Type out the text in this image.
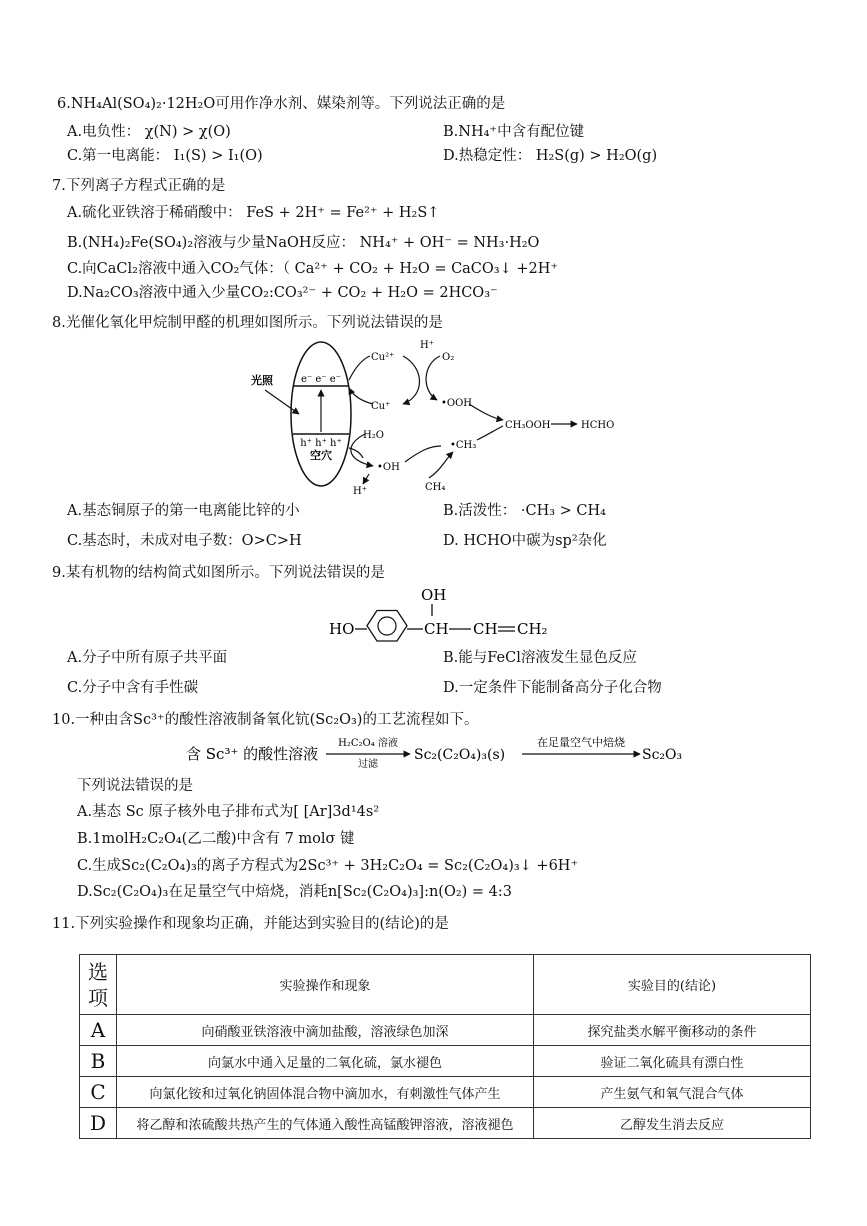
6.NH₄Al(SO₄)₂·12H₂O可用作净水剂、媒染剂等。下列说法正确的是
A.电负性： χ(N) > χ(O)	B.NH₄⁺中含有配位键
C.第一电离能： I₁(S) > I₁(O)	D.热稳定性： H₂S(g) > H₂O(g)
7.下列离子方程式正确的是
A.硫化亚铁溶于稀硝酸中： FeS + 2H⁺ = Fe²⁺ + H₂S↑
B.(NH₄)₂Fe(SO₄)₂溶液与少量NaOH反应： NH₄⁺ + OH⁻ = NH₃·H₂O
C.向CaCl₂溶液中通入CO₂气体：（ Ca²⁺ + CO₂ + H₂O = CaCO₃↓ +2H⁺
D.Na₂CO₃溶液中通入少量CO₂:CO₃²⁻ + CO₂ + H₂O = 2HCO₃⁻
8.光催化氧化甲烷制甲醛的机理如图所示。下列说法错误的是
e⁻ e⁻ e⁻
h⁺ h⁺ h⁺
空穴
光照
Cu²⁺
Cu⁺
H⁺
O₂
•OOH
CH₃OOH	HCHO
H₂O
•OH
H⁺
•CH₃
CH₄
A.基态铜原子的第一电离能比锌的小	B.活泼性： ·CH₃ > CH₄
C.基态时，未成对电子数：O>C>H	D. HCHO中碳为sp²杂化
9.某有机物的结构简式如图所示。下列说法错误的是
HO
OH
CH CH CH₂
A.分子中所有原子共平面	B.能与FeCl溶液发生显色反应
C.分子中含有手性碳	D.一定条件下能制备高分子化合物
10.一种由含Sc³⁺的酸性溶液制备氧化钪(Sc₂O₃)的工艺流程如下。
含 Sc³⁺ 的酸性溶液
H₂C₂O₄ 溶液
过滤
Sc₂(C₂O₄)₃(s)
在足量空气中焙烧
Sc₂O₃
下列说法错误的是
A.基态 Sc 原子核外电子排布式为[ [Ar]3d¹4s²
B.1molH₂C₂O₄(乙二酸)中含有 7 molσ 键
C.生成Sc₂(C₂O₄)₃的离子方程式为2Sc³⁺ + 3H₂C₂O₄ = Sc₂(C₂O₄)₃↓ +6H⁺
D.Sc₂(C₂O₄)₃在足量空气中焙烧，消耗n[Sc₂(C₂O₄)₃]:n(O₂) = 4:3
11.下列实验操作和现象均正确，并能达到实验目的(结论)的是
选
项	实验操作和现象	实验目的(结论)
A	向硝酸亚铁溶液中滴加盐酸，溶液绿色加深	探究盐类水解平衡移动的条件
B	向氯水中通入足量的二氧化硫，氯水褪色	验证二氧化硫具有漂白性
C	向氯化铵和过氧化钠固体混合物中滴加水，有刺激性气体产生	产生氨气和氧气混合气体
D	将乙醇和浓硫酸共热产生的气体通入酸性高锰酸钾溶液，溶液褪色	乙醇发生消去反应
